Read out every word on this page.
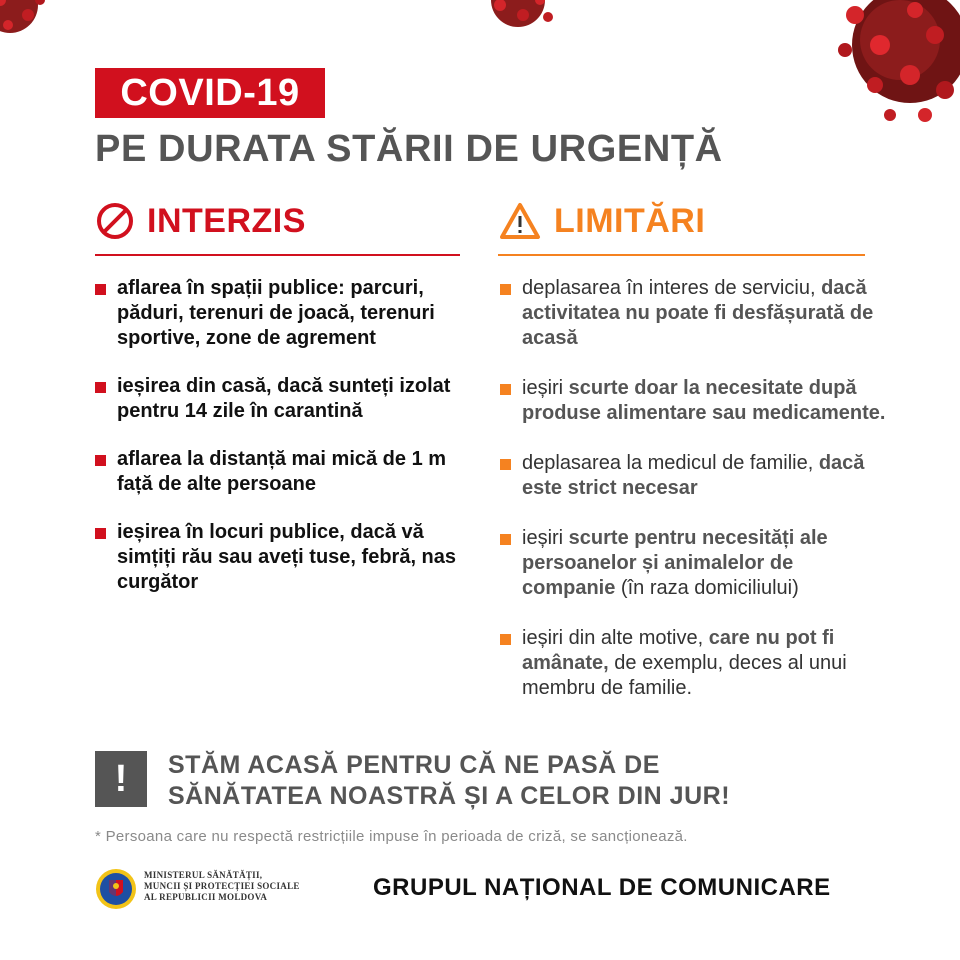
COVID-19
PE DURATA STĂRII DE URGENȚĂ
INTERZIS	LIMITĂRI
aflarea în spații publice: parcuri, păduri, terenuri de joacă, terenuri sportive, zone de agrement
ieșirea din casă, dacă sunteți izolat pentru 14 zile în carantină
aflarea la distanță mai mică de 1 m față de alte persoane
ieșirea în locuri publice, dacă vă simțiți rău sau aveți tuse, febră, nas curgător
deplasarea în interes de serviciu, dacă activitatea nu poate fi desfășurată de acasă
ieșiri scurte doar la necesitate după produse alimentare sau medicamente.
deplasarea la medicul de familie, dacă este strict necesar
ieșiri scurte pentru necesități ale persoanelor și animalelor de companie (în raza domiciliului)
ieșiri din alte motive, care nu pot fi amânate, de exemplu, deces al unui membru de familie.
!	STĂM ACASĂ PENTRU CĂ NE PASĂ DE
SĂNĂTATEA NOASTRĂ ȘI A CELOR DIN JUR!
* Persoana care nu respectă restricțiile impuse în perioada de criză, se sancționează.
MINISTERUL SĂNĂTĂȚII,
MUNCII ȘI PROTECȚIEI SOCIALE
AL REPUBLICII MOLDOVA	GRUPUL NAȚIONAL DE COMUNICARE
